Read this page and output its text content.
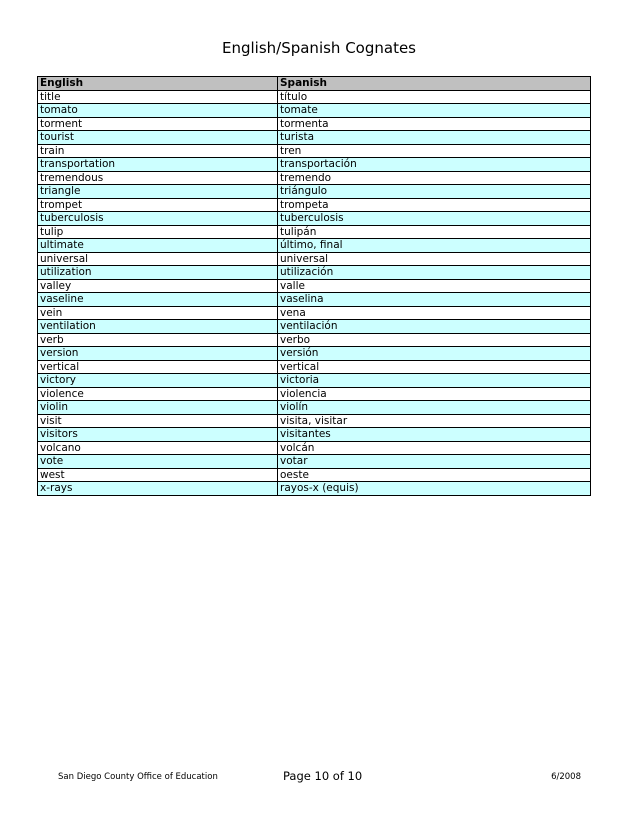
English/Spanish Cognates
English	Spanish
title	título
tomato	tomate
torment	tormenta
tourist	turista
train	tren
transportation	transportación
tremendous	tremendo
triangle	triángulo
trompet	trompeta
tuberculosis	tuberculosis
tulip	tulipán
ultimate	último, final
universal	universal
utilization	utilización
valley	valle
vaseline	vaselina
vein	vena
ventilation	ventilación
verb	verbo
version	versión
vertical	vertical
victory	victoria
violence	violencia
violin	violín
visit	visita, visitar
visitors	visitantes
volcano	volcán
vote	votar
west	oeste
x-rays	rayos-x (equis)
San Diego County Office of Education	Page 10 of 10	6/2008
